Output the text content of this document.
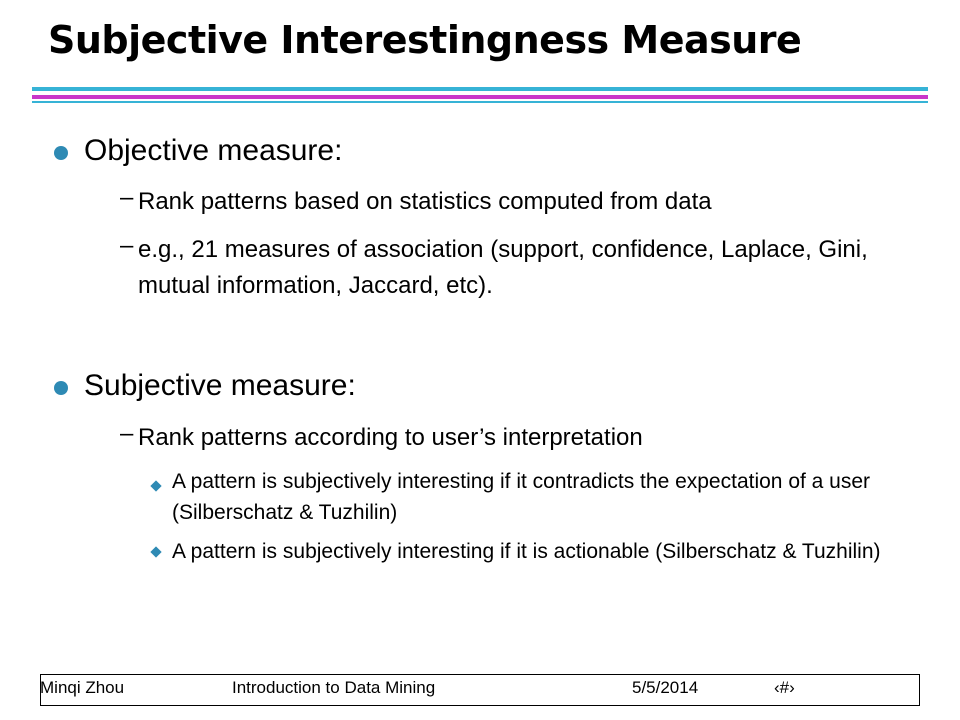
Subjective Interestingness Measure
Objective measure:
– Rank patterns based on statistics computed from data
– e.g., 21 measures of association (support, confidence, Laplace, Gini, mutual information, Jaccard, etc).
Subjective measure:
– Rank patterns according to user’s interpretation
A pattern is subjectively interesting if it contradicts the expectation of a user (Silberschatz & Tuzhilin)
A pattern is subjectively interesting if it is actionable (Silberschatz & Tuzhilin)
Minqi Zhou	Introduction to Data Mining	5/5/2014	‹#›
